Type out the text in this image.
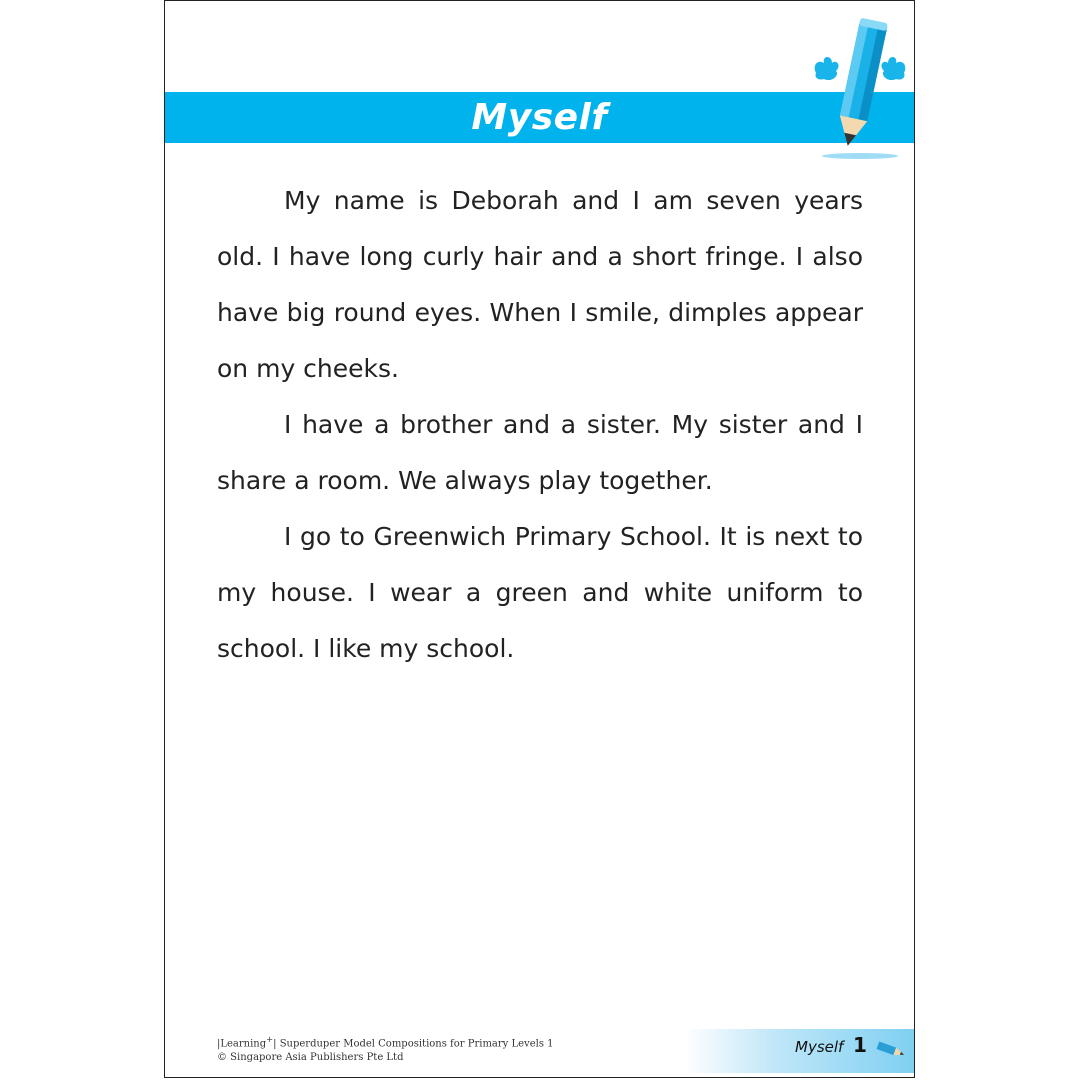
Myself

My name is Deborah and I am seven years old. I have long curly hair and a short fringe. I also have big round eyes. When I smile, dimples appear on my cheeks.

I have a brother and a sister. My sister and I share a room. We always play together.

I go to Greenwich Primary School. It is next to my house. I wear a green and white uniform to school. I like my school.

|Learning+| Superduper Model Compositions for Primary Levels 1
© Singapore Asia Publishers Pte Ltd
Myself 1
